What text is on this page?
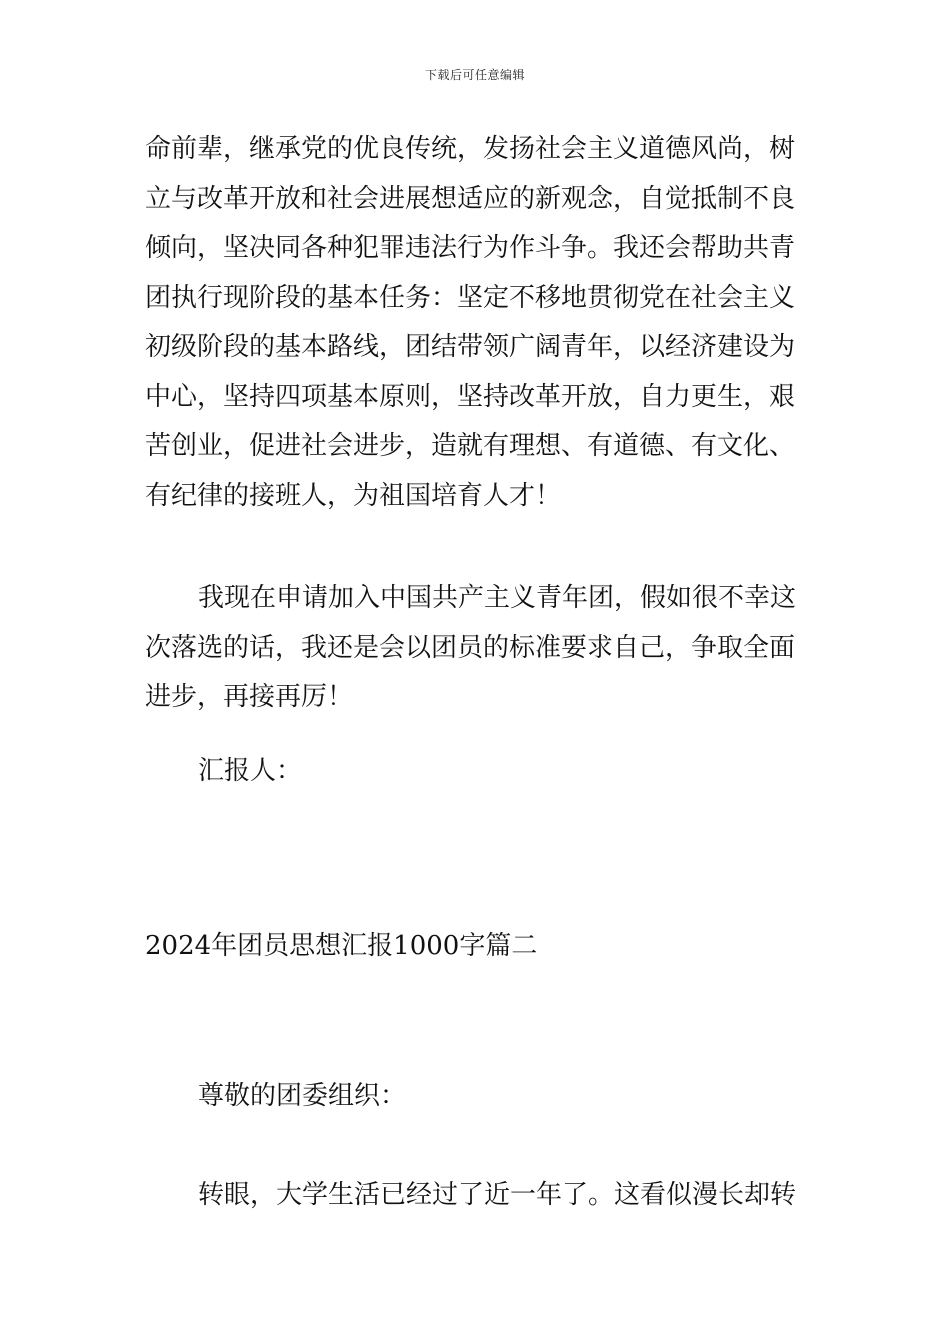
下载后可任意编辑
命前辈，继承党的优良传统，发扬社会主义道德风尚，树
立与改革开放和社会进展想适应的新观念，自觉抵制不良
倾向，坚决同各种犯罪违法行为作斗争。我还会帮助共青
团执行现阶段的基本任务：坚定不移地贯彻党在社会主义
初级阶段的基本路线，团结带领广阔青年，以经济建设为
中心，坚持四项基本原则，坚持改革开放，自力更生，艰
苦创业，促进社会进步，造就有理想、有道德、有文化、
有纪律的接班人，为祖国培育人才！
我现在申请加入中国共产主义青年团，假如很不幸这
次落选的话，我还是会以团员的标准要求自己，争取全面
进步，再接再厉！
汇报人：
2024年团员思想汇报1000字篇二
尊敬的团委组织：
转眼，大学生活已经过了近一年了。这看似漫长却转
